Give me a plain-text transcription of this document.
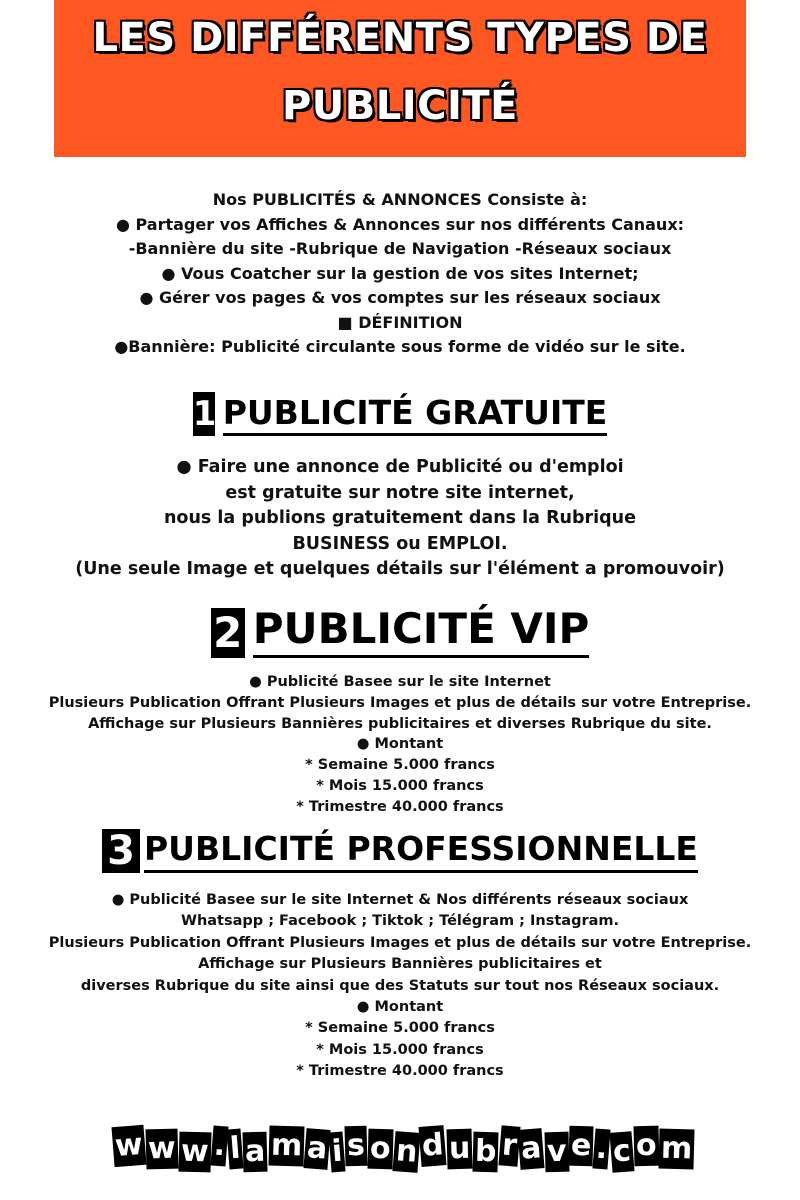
LES DIFFÉRENTS TYPES DE
PUBLICITÉ
Nos PUBLICITÉS & ANNONCES Consiste à:
● Partager vos Affiches & Annonces sur nos différents Canaux:
-Bannière du site -Rubrique de Navigation -Réseaux sociaux
● Vous Coatcher sur la gestion de vos sites Internet;
● Gérer vos pages & vos comptes sur les réseaux sociaux
■ DÉFINITION
●Bannière: Publicité circulante sous forme de vidéo sur le site.
1 PUBLICITÉ GRATUITE
● Faire une annonce de Publicité ou d'emploi
est gratuite sur notre site internet,
nous la publions gratuitement dans la Rubrique
BUSINESS ou EMPLOI.
(Une seule Image et quelques détails sur l'élément a promouvoir)
2 PUBLICITÉ VIP
● Publicité Basee sur le site Internet
Plusieurs Publication Offrant Plusieurs Images et plus de détails sur votre Entreprise.
Affichage sur Plusieurs Bannières publicitaires et diverses Rubrique du site.
● Montant
* Semaine 5.000 francs
* Mois 15.000 francs
* Trimestre 40.000 francs
3 PUBLICITÉ PROFESSIONNELLE
● Publicité Basee sur le site Internet & Nos différents réseaux sociaux
Whatsapp ; Facebook ; Tiktok ; Télégram ; Instagram.
Plusieurs Publication Offrant Plusieurs Images et plus de détails sur votre Entreprise.
Affichage sur Plusieurs Bannières publicitaires et
diverses Rubrique du site ainsi que des Statuts sur tout nos Réseaux sociaux.
● Montant
* Semaine 5.000 francs
* Mois 15.000 francs
* Trimestre 40.000 francs
w w w . l a m a i s o n d u b r a v e . c o m
